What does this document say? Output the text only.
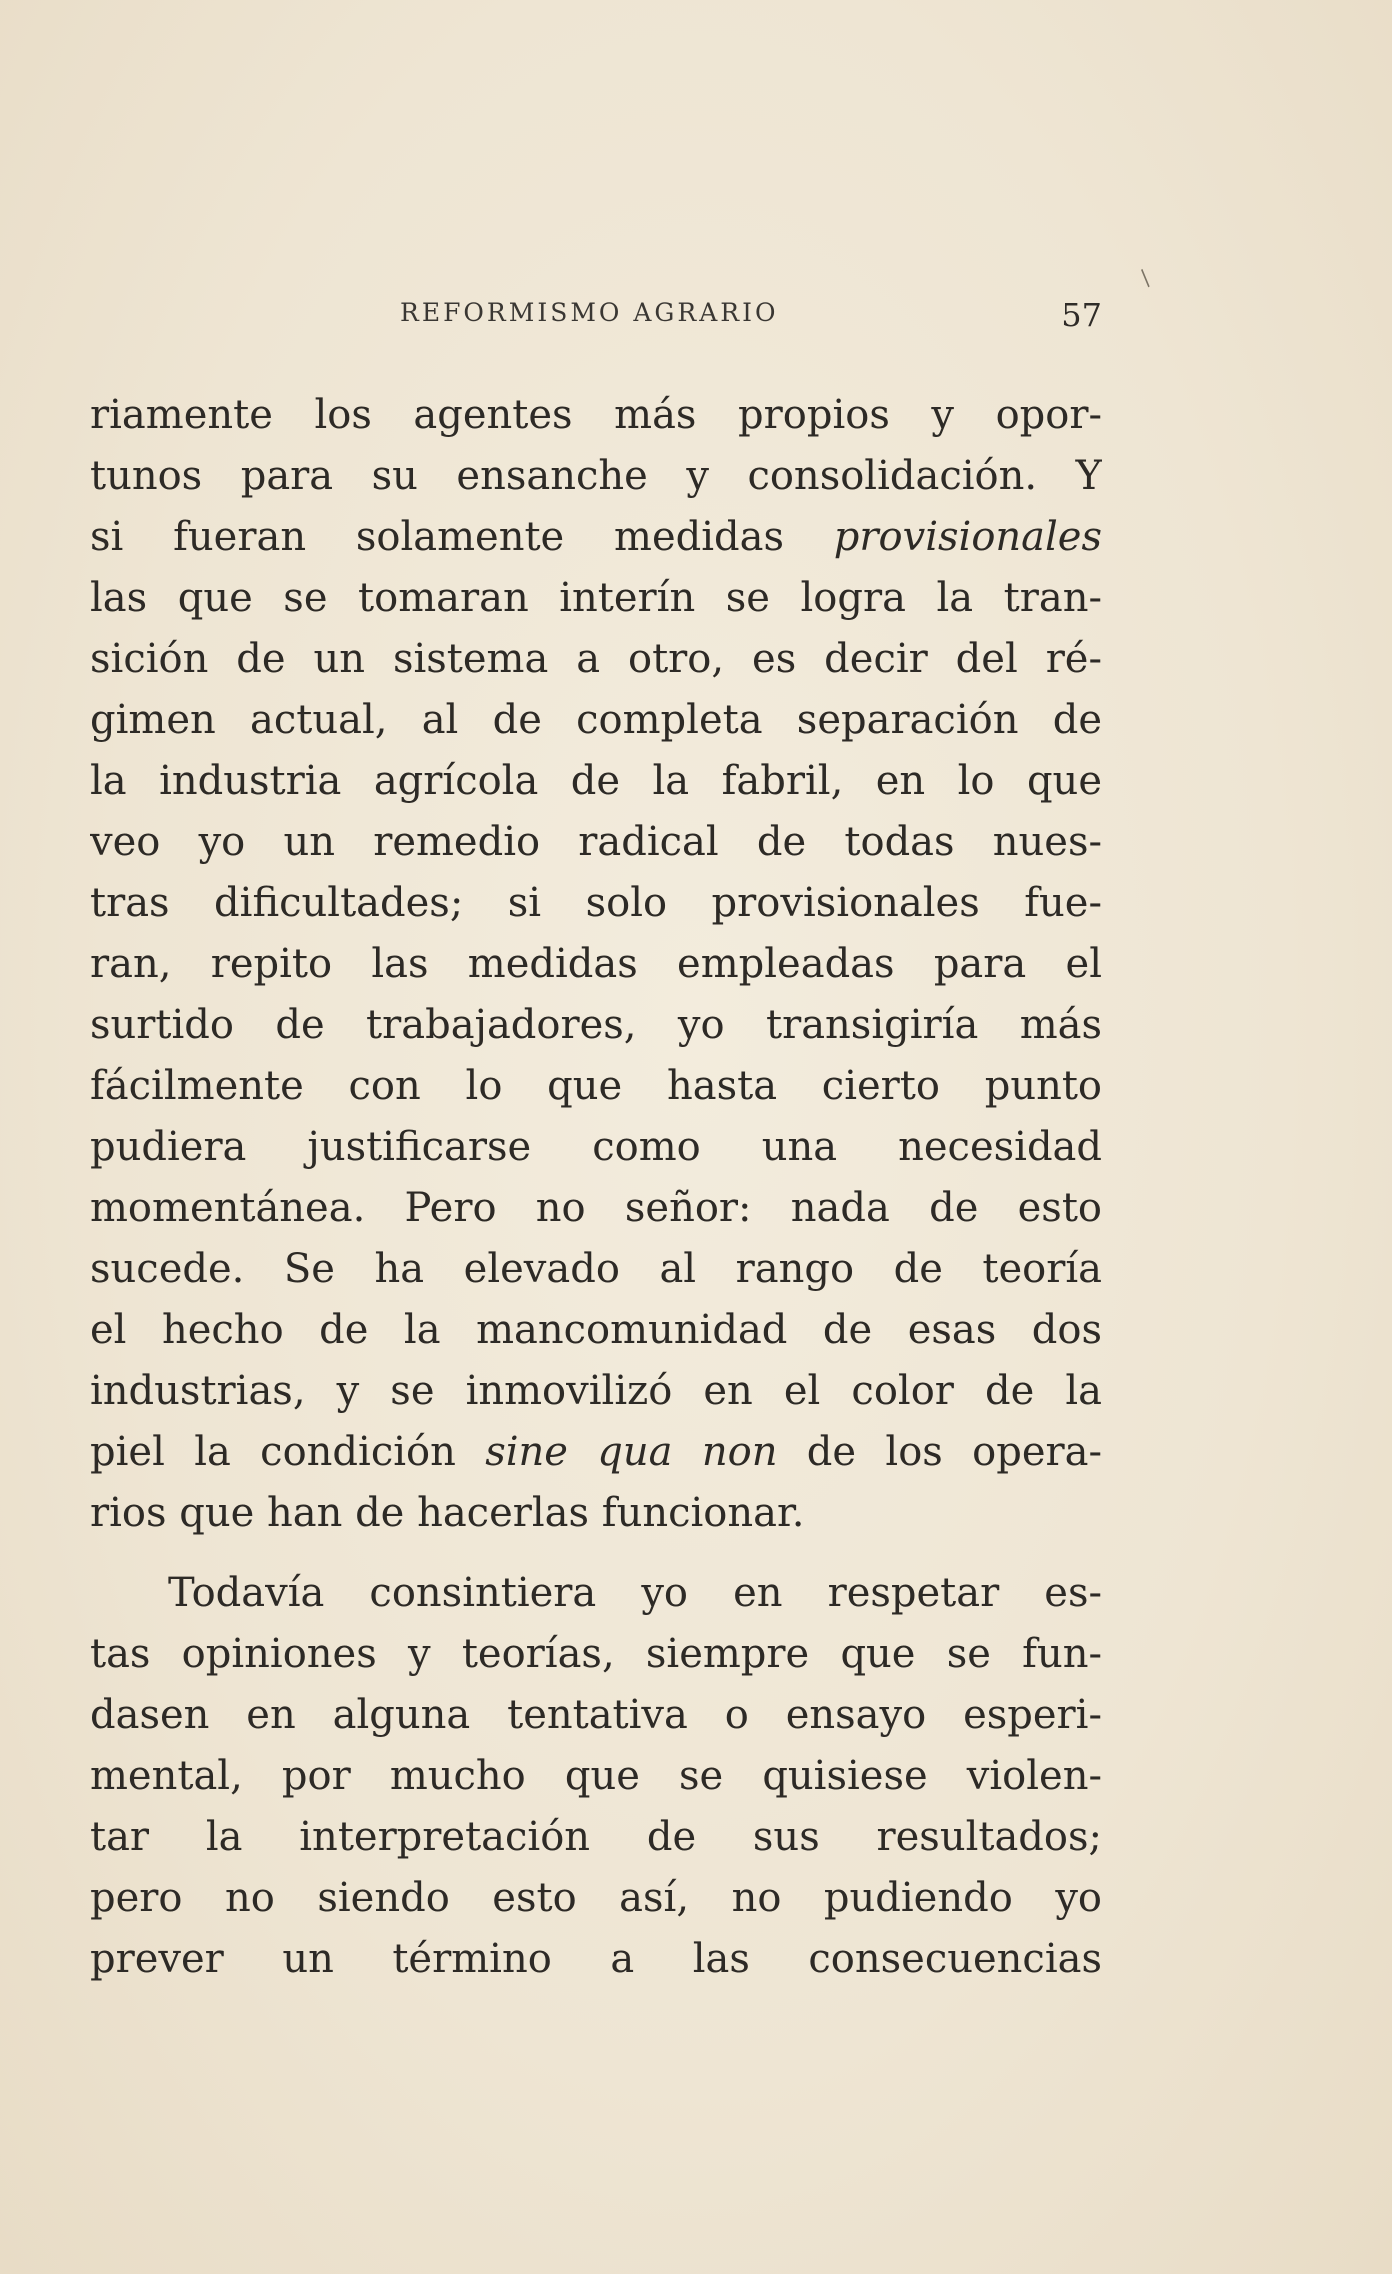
REFORMISMO AGRARIO	57
riamente los agentes más propios y opor-
tunos para su ensanche y consolidación. Y
si fueran solamente medidas provisionales
las que se tomaran interín se logra la tran-
sición de un sistema a otro, es decir del ré-
gimen actual, al de completa separación de
la industria agrícola de la fabril, en lo que
veo yo un remedio radical de todas nues-
tras dificultades; si solo provisionales fue-
ran, repito las medidas empleadas para el
surtido de trabajadores, yo transigiría más
fácilmente con lo que hasta cierto punto
pudiera justificarse como una necesidad
momentánea. Pero no señor: nada de esto
sucede. Se ha elevado al rango de teoría
el hecho de la mancomunidad de esas dos
industrias, y se inmovilizó en el color de la
piel la condición sine qua non de los opera-
rios que han de hacerlas funcionar.
Todavía consintiera yo en respetar es-
tas opiniones y teorías, siempre que se fun-
dasen en alguna tentativa o ensayo esperi-
mental, por mucho que se quisiese violen-
tar la interpretación de sus resultados;
pero no siendo esto así, no pudiendo yo
prever un término a las consecuencias
/
